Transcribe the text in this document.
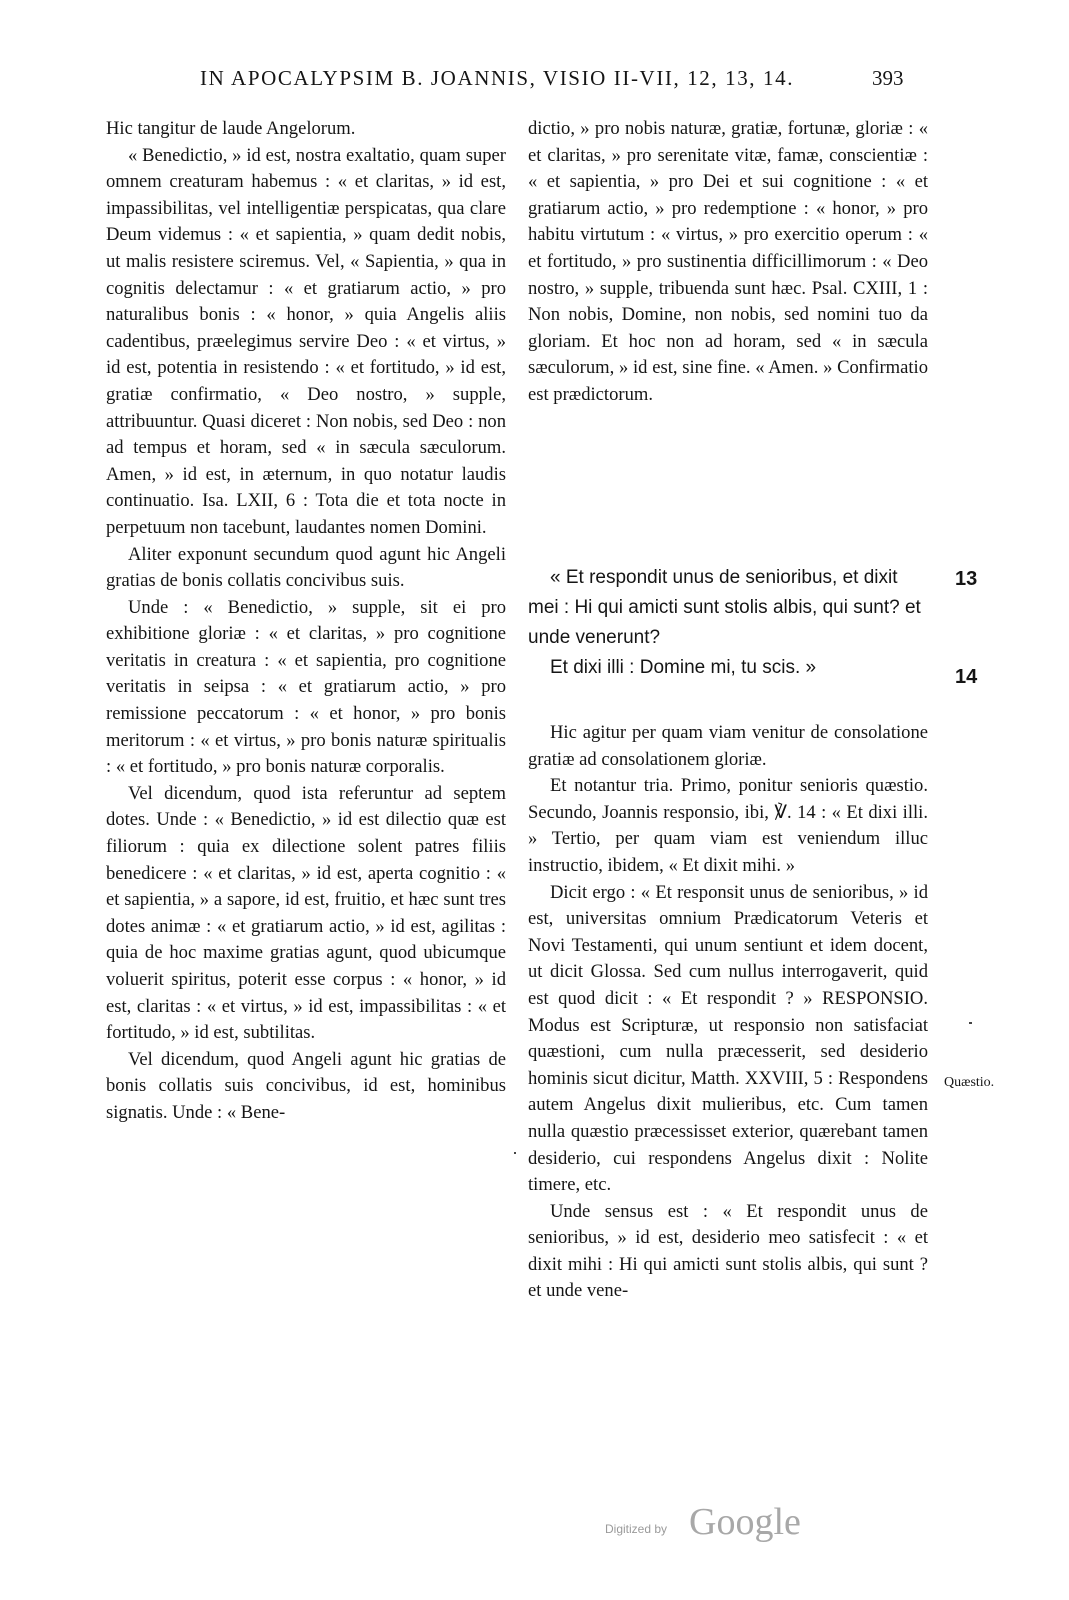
IN APOCALYPSIM B. JOANNIS, VISIO II-VII, 12, 13, 14.	393

Hic tangitur de laude Angelorum.

« Benedictio, » id est, nostra exaltatio, quam super omnem creaturam habemus : « et claritas, » id est, impassibilitas, vel intelligentiæ perspicatas, qua clare Deum videmus : « et sapientia, » quam dedit nobis, ut malis resistere sciremus. Vel, « Sapientia, » qua in cognitis delectamur : « et gratiarum actio, » pro naturalibus bonis : « honor, » quia Angelis aliis cadentibus, præelegimus servire Deo : « et virtus, » id est, potentia in resistendo : « et fortitudo, » id est, gratiæ confirmatio, « Deo nostro, » supple, attribuuntur. Quasi diceret : Non nobis, sed Deo : non ad tempus et horam, sed « in sæcula sæculorum. Amen, » id est, in æternum, in quo notatur laudis continuatio. Isa. LXII, 6 : Tota die et tota nocte in perpetuum non tacebunt, laudantes nomen Domini.

Aliter exponunt secundum quod agunt hic Angeli gratias de bonis collatis concivibus suis.

Unde : « Benedictio, » supple, sit ei pro exhibitione gloriæ : « et claritas, » pro cognitione veritatis in creatura : « et sapientia, pro cognitione veritatis in seipsa : « et gratiarum actio, » pro remissione peccatorum : « et honor, » pro bonis meritorum : « et virtus, » pro bonis naturæ spiritualis : « et fortitudo, » pro bonis naturæ corporalis.

Vel dicendum, quod ista referuntur ad septem dotes. Unde : « Benedictio, » id est dilectio quæ est filiorum : quia ex dilectione solent patres filiis benedicere : « et claritas, » id est, aperta cognitio : « et sapientia, » a sapore, id est, fruitio, et hæc sunt tres dotes animæ : « et gratiarum actio, » id est, agilitas : quia de hoc maxime gratias agunt, quod ubicumque voluerit spiritus, poterit esse corpus : « honor, » id est, claritas : « et virtus, » id est, impassibilitas : « et fortitudo, » id est, subtilitas.

Vel dicendum, quod Angeli agunt hic gratias de bonis collatis suis concivibus, id est, hominibus signatis. Unde : « Bene-

dictio, » pro nobis naturæ, gratiæ, fortunæ, gloriæ : « et claritas, » pro serenitate vitæ, famæ, conscientiæ : « et sapientia, » pro Dei et sui cognitione : « et gratiarum actio, » pro redemptione : « honor, » pro habitu virtutum : « virtus, » pro exercitio operum : « et fortitudo, » pro sustinentia difficillimorum : « Deo nostro, » supple, tribuenda sunt hæc. Psal. CXIII, 1 : Non nobis, Domine, non nobis, sed nomini tuo da gloriam. Et hoc non ad horam, sed « in sæcula sæculorum, » id est, sine fine. « Amen. » Confirmatio est prædictorum.

« Et respondit unus de senioribus, et dixit mei : Hi qui amicti sunt stolis albis, qui sunt? et unde venerunt?

Et dixi illi : Domine mi, tu scis. »

13
14

Hic agitur per quam viam venitur de consolatione gratiæ ad consolationem gloriæ.

Et notantur tria. Primo, ponitur senioris quæstio. Secundo, Joannis responsio, ibi, ℣. 14 : « Et dixi illi. » Tertio, per quam viam est veniendum illuc instructio, ibidem, « Et dixit mihi. »

Dicit ergo : « Et responsit unus de senioribus, » id est, universitas omnium Prædicatorum Veteris et Novi Testamenti, qui unum sentiunt et idem docent, ut dicit Glossa. Sed cum nullus interrogaverit, quid est quod dicit : « Et respondit ? » RESPONSIO. Modus est Scripturæ, ut responsio non satisfaciat quæstioni, cum nulla præcesserit, sed desiderio hominis sicut dicitur, Matth. XXVIII, 5 : Respondens autem Angelus dixit mulieribus, etc. Cum tamen nulla quæstio præcessisset exterior, quærebant tamen desiderio, cui respondens Angelus dixit : Nolite timere, etc.

Unde sensus est : « Et respondit unus de senioribus, » id est, desiderio meo satisfecit : « et dixit mihi : Hi qui amicti sunt stolis albis, qui sunt ? et unde vene-

Quæstio.
Digitized by Google
